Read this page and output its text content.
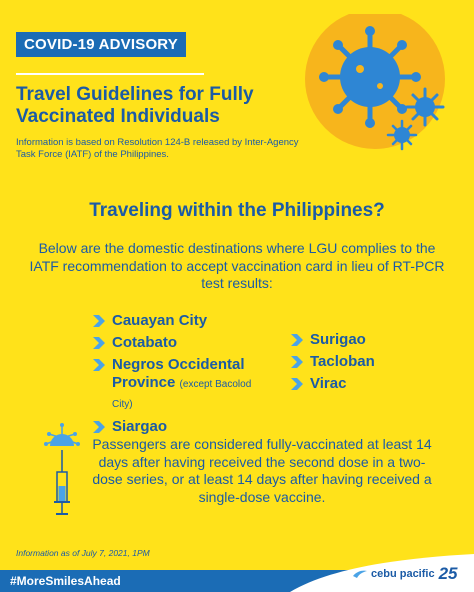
COVID-19 ADVISORY
Travel Guidelines for Fully Vaccinated Individuals

Information is based on Resolution 124-B released by Inter-Agency Task Force (IATF) of the Philippines.

Traveling within the Philippines?

Below are the domestic destinations where LGU complies to the IATF recommendation to accept vaccination card in lieu of RT-PCR test results:

Cauayan City
Cotabato
Negros Occidental Province (except Bacolod City)
Siargao
Surigao
Tacloban
Virac

Passengers are considered fully-vaccinated at least 14 days after having received the second dose in a two-dose series, or at least 14 days after having received a single-dose vaccine.

Information as of July 7, 2021, 1PM
#MoreSmilesAhead	cebu pacific 25
